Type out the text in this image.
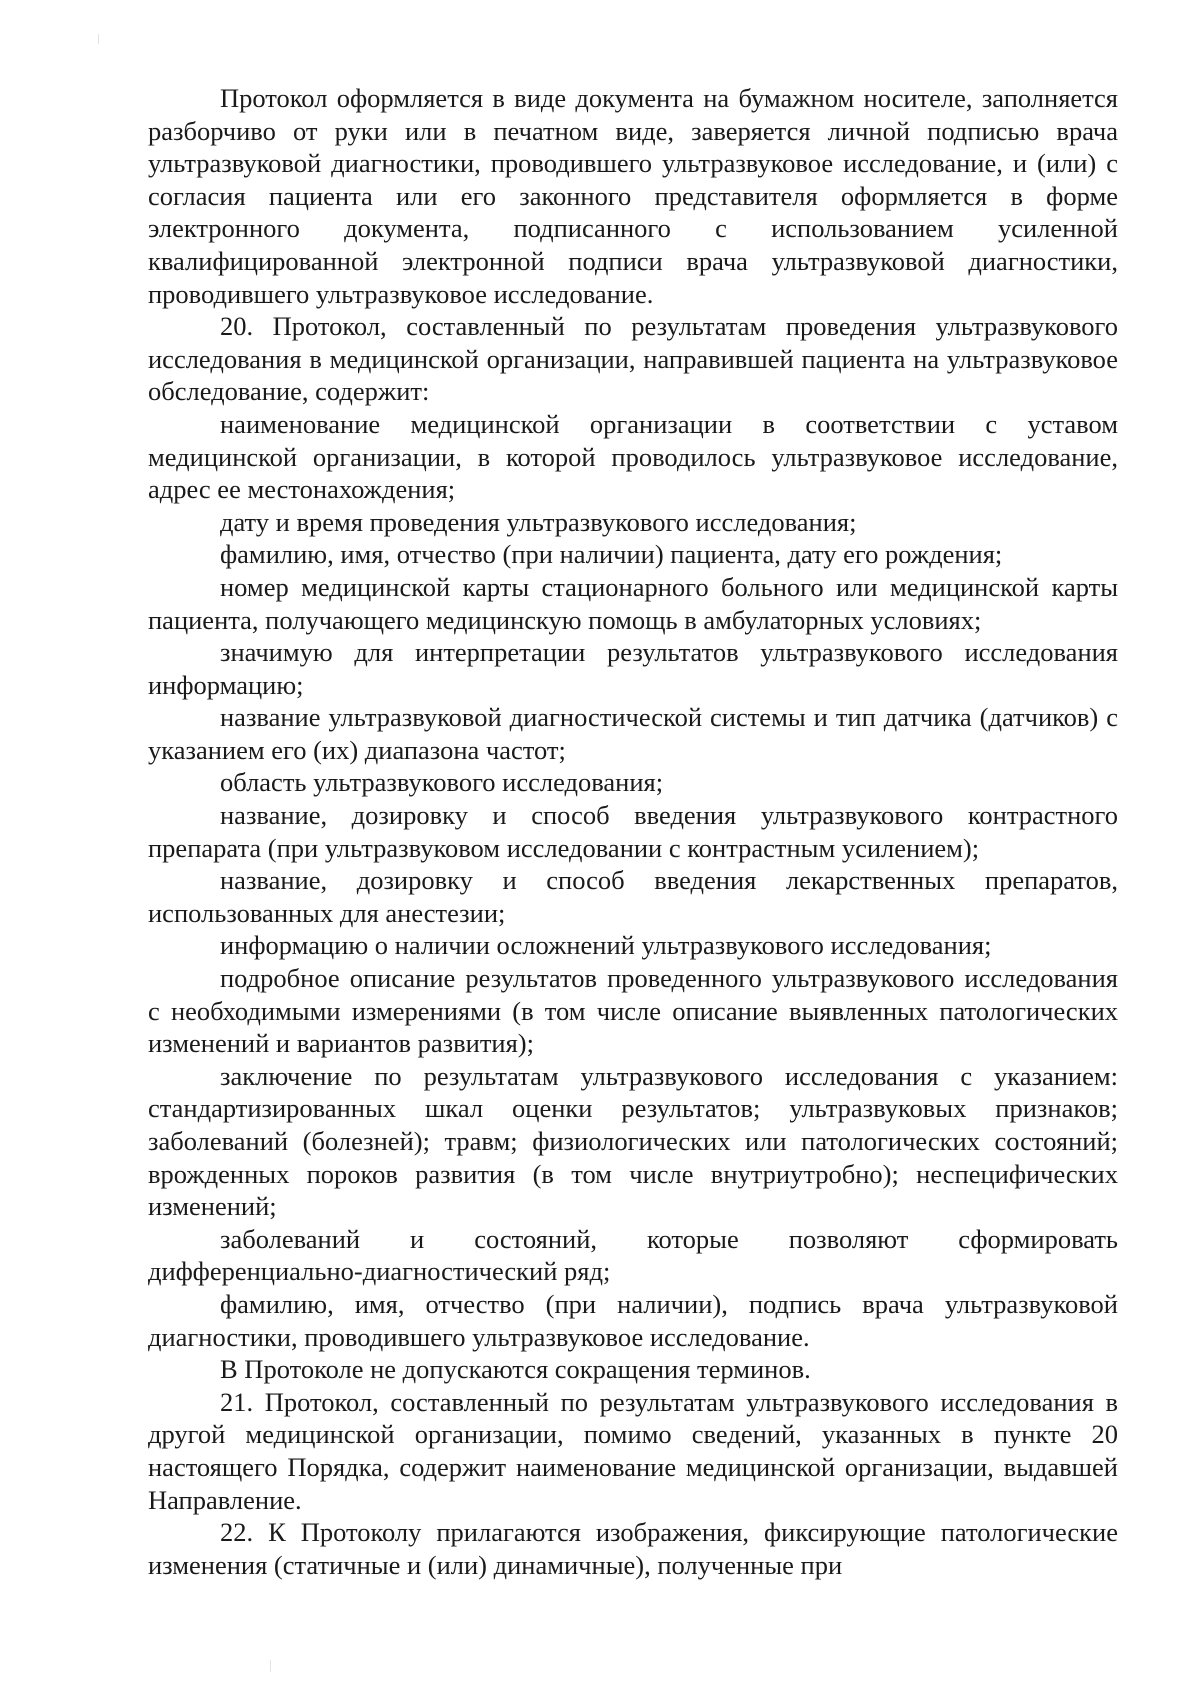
Протокол оформляется в виде документа на бумажном носителе, заполняется разборчиво от руки или в печатном виде, заверяется личной подписью врача ультразвуковой диагностики, проводившего ультразвуковое исследование, и (или) с согласия пациента или его законного представителя оформляется в форме электронного документа, подписанного с использованием усиленной квалифицированной электронной подписи врача ультразвуковой диагностики, проводившего ультразвуковое исследование.

20. Протокол, составленный по результатам проведения ультразвукового исследования в медицинской организации, направившей пациента на ультразвуковое обследование, содержит:

наименование медицинской организации в соответствии с уставом медицинской организации, в которой проводилось ультразвуковое исследование, адрес ее местонахождения;

дату и время проведения ультразвукового исследования;

фамилию, имя, отчество (при наличии) пациента, дату его рождения;

номер медицинской карты стационарного больного или медицинской карты пациента, получающего медицинскую помощь в амбулаторных условиях;

значимую для интерпретации результатов ультразвукового исследования информацию;

название ультразвуковой диагностической системы и тип датчика (датчиков) с указанием его (их) диапазона частот;

область ультразвукового исследования;

название, дозировку и способ введения ультразвукового контрастного препарата (при ультразвуковом исследовании с контрастным усилением);

название, дозировку и способ введения лекарственных препаратов, использованных для анестезии;

информацию о наличии осложнений ультразвукового исследования;

подробное описание результатов проведенного ультразвукового исследования с необходимыми измерениями (в том числе описание выявленных патологических изменений и вариантов развития);

заключение по результатам ультразвукового исследования с указанием: стандартизированных шкал оценки результатов; ультразвуковых признаков; заболеваний (болезней); травм; физиологических или патологических состояний; врожденных пороков развития (в том числе внутриутробно); неспецифических изменений;

заболеваний и состояний, которые позволяют сформировать дифференциально-диагностический ряд;

фамилию, имя, отчество (при наличии), подпись врача ультразвуковой диагностики, проводившего ультразвуковое исследование.

В Протоколе не допускаются сокращения терминов.

21. Протокол, составленный по результатам ультразвукового исследования в другой медицинской организации, помимо сведений, указанных в пункте 20 настоящего Порядка, содержит наименование медицинской организации, выдавшей Направление.

22. К Протоколу прилагаются изображения, фиксирующие патологические изменения (статичные и (или) динамичные), полученные при
